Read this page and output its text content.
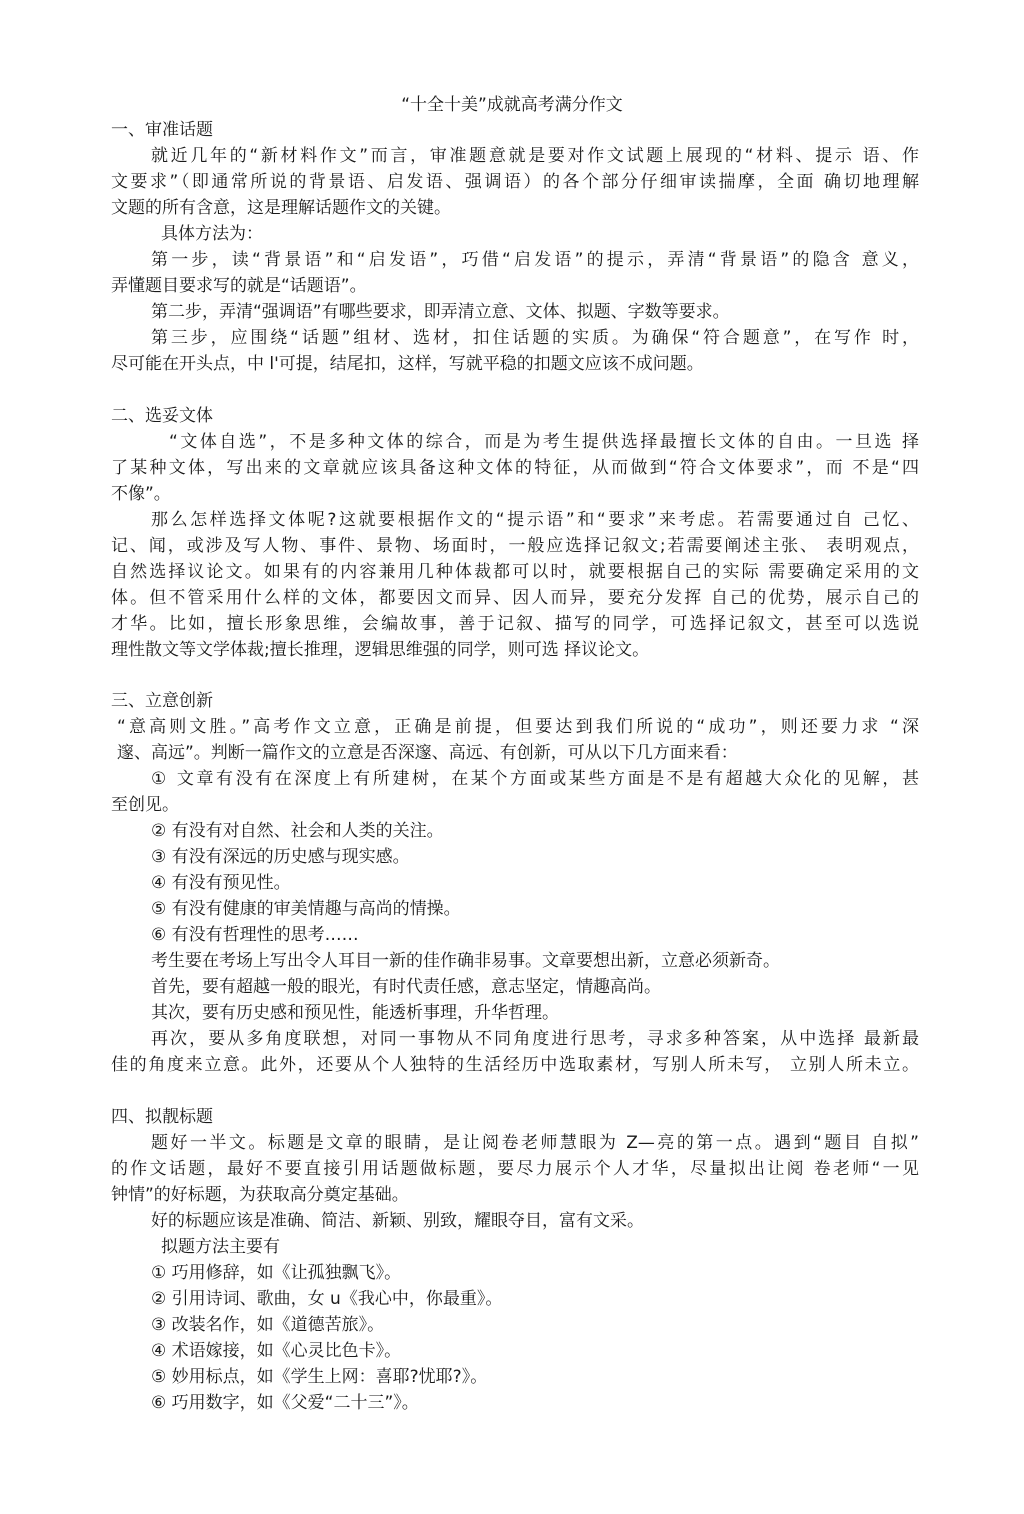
“十全十美”成就高考满分作文
一、审准话题
就近几年的“新材料作文”而言，审准题意就是要对作文试题上展现的“材料、提示 语、作
文要求”（即通常所说的背景语、启发语、强调语）的各个部分仔细审读揣摩，全面 确切地理解
文题的所有含意，这是理解话题作文的关键。
具体方法为：
第一步，读“背景语”和“启发语”，巧借“启发语”的提示，弄清“背景语”的隐含 意义，
弄懂题目要求写的就是“话题语”。
第二步，弄清“强调语”有哪些要求，即弄清立意、文体、拟题、字数等要求。
第三步，应围绕“话题”组材、选材，扣住话题的实质。为确保“符合题意”，在写作 时，
尽可能在开头点，中 l'可提，结尾扣，这样，写就平稳的扣题文应该不成问题。
二、选妥文体
“文体自选”，不是多种文体的综合，而是为考生提供选择最擅长文体的自由。一旦选 择
了某种文体，写出来的文章就应该具备这种文体的特征，从而做到“符合文体要求”，而 不是“四
不像”。
那么怎样选择文体呢?这就要根据作文的“提示语”和“要求”来考虑。若需要通过自 己忆、
记、闻，或涉及写人物、事件、景物、场面时，一般应选择记叙文;若需要阐述主张、 表明观点，
自然选择议论文。如果有的内容兼用几种体裁都可以时，就要根据自己的实际 需要确定采用的文
体。但不管采用什么样的文体，都要因文而异、因人而异，要充分发挥 自己的优势，展示自己的
才华。比如，擅长形象思维，会编故事，善于记叙、描写的同学，可选择记叙文，甚至可以选说
理性散文等文学体裁;擅长推理，逻辑思维强的同学，则可选 择议论文。
三、立意创新
“意高则文胜。”高考作文立意，正确是前提，但要达到我们所说的“成功”，则还要力求 “深
邃、高远”。判断一篇作文的立意是否深邃、高远、有创新，可从以下几方面来看：
① 文章有没有在深度上有所建树，在某个方面或某些方面是不是有超越大众化的见解，甚
至创见。
② 有没有对自然、社会和人类的关注。
③ 有没有深远的历史感与现实感。
④ 有没有预见性。
⑤ 有没有健康的审美情趣与高尚的情操。
⑥ 有没有哲理性的思考……
考生要在考场上写出令人耳目一新的佳作确非易事。文章要想出新，立意必须新奇。
首先，要有超越一般的眼光，有时代责任感，意志坚定，情趣高尚。
其次，要有历史感和预见性，能透析事理，升华哲理。
再次，要从多角度联想，对同一事物从不同角度进行思考，寻求多种答案，从中选择 最新最
佳的角度来立意。此外，还要从个人独特的生活经历中选取素材，写别人所未写， 立别人所未立。
四、拟靓标题
题好一半文。标题是文章的眼睛，是让阅卷老师慧眼为 Z—亮的第一点。遇到“题目 自拟”
的作文话题，最好不要直接引用话题做标题，要尽力展示个人才华，尽量拟出让阅 卷老师“一见
钟情”的好标题，为获取高分奠定基础。
好的标题应该是准确、简洁、新颖、别致，耀眼夺目，富有文采。
拟题方法主要有
① 巧用修辞，如《让孤独飘飞》。
② 引用诗词、歌曲，女 u《我心中，你最重》。
③ 改装名作，如《道德苦旅》。
④ 术语嫁接，如《心灵比色卡》。
⑤ 妙用标点，如《学生上网：喜耶?忧耶?》。
⑥ 巧用数字，如《父爱“二十三”》。
